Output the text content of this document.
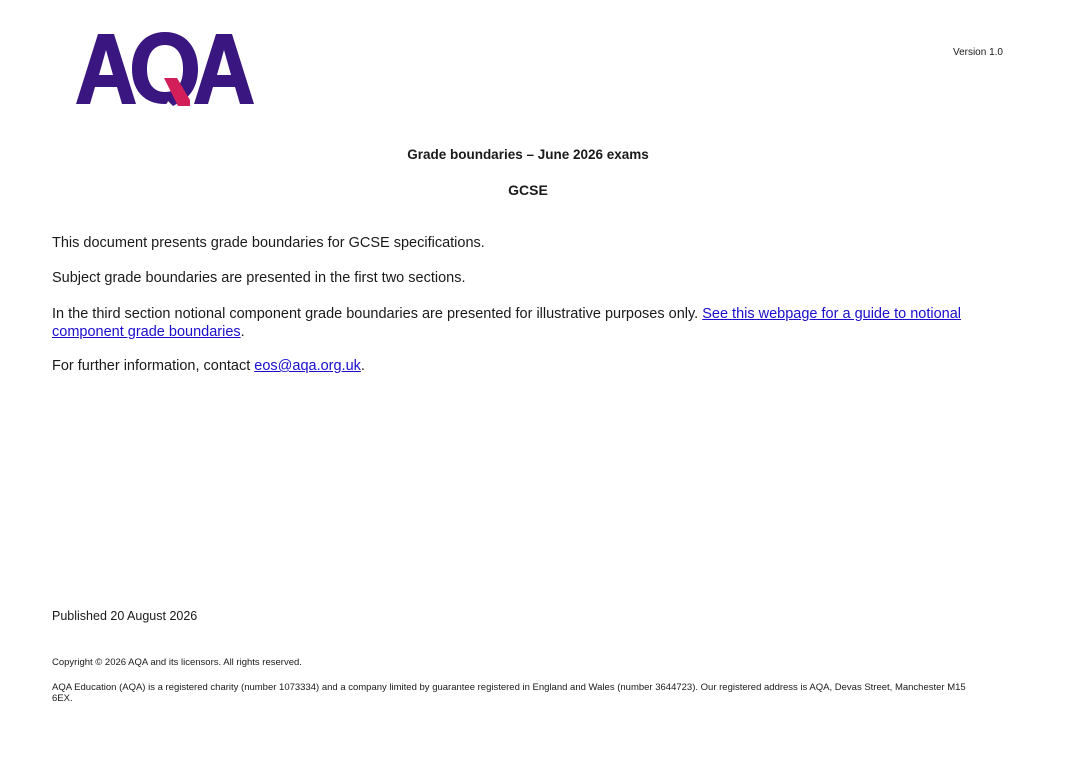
Version 1.0
Grade boundaries – June 2026 exams
GCSE

This document presents grade boundaries for GCSE specifications.

Subject grade boundaries are presented in the first two sections.

In the third section notional component grade boundaries are presented for illustrative purposes only. See this webpage for a guide to notional component grade boundaries.

For further information, contact eos@aqa.org.uk.

Published 20 August 2026
Copyright © 2026 AQA and its licensors. All rights reserved.
AQA Education (AQA) is a registered charity (number 1073334) and a company limited by guarantee registered in England and Wales (number 3644723). Our registered address is AQA, Devas Street, Manchester M15 6EX.
